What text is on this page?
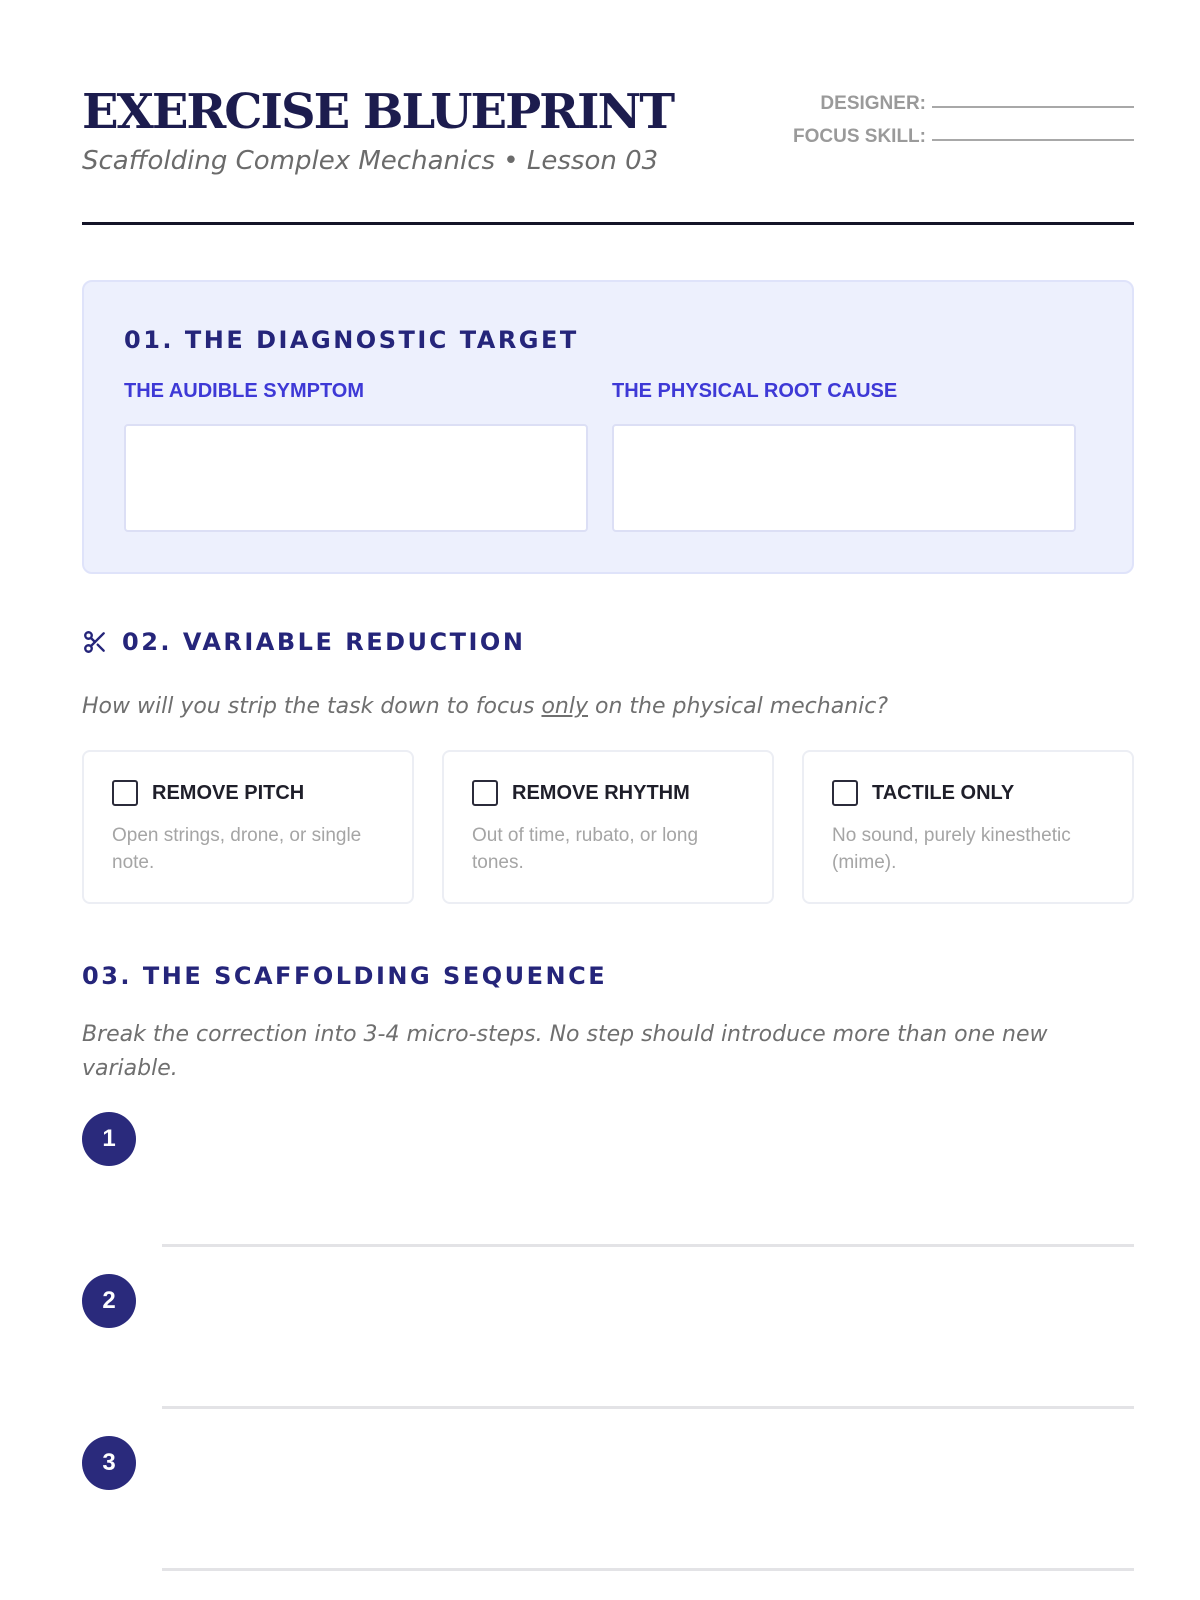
EXERCISE BLUEPRINT
Scaffolding Complex Mechanics • Lesson 03
DESIGNER:
FOCUS SKILL:
01. THE DIAGNOSTIC TARGET
THE AUDIBLE SYMPTOM	THE PHYSICAL ROOT CAUSE
02. VARIABLE REDUCTION

How will you strip the task down to focus only on the physical mechanic?

REMOVE PITCH

Open strings, drone, or single note.

REMOVE RHYTHM

Out of time, rubato, or long tones.

TACTILE ONLY

No sound, purely kinesthetic (mime).

03. THE SCAFFOLDING SEQUENCE

Break the correction into 3-4 micro-steps. No step should introduce more than one new variable.

1
2
3
